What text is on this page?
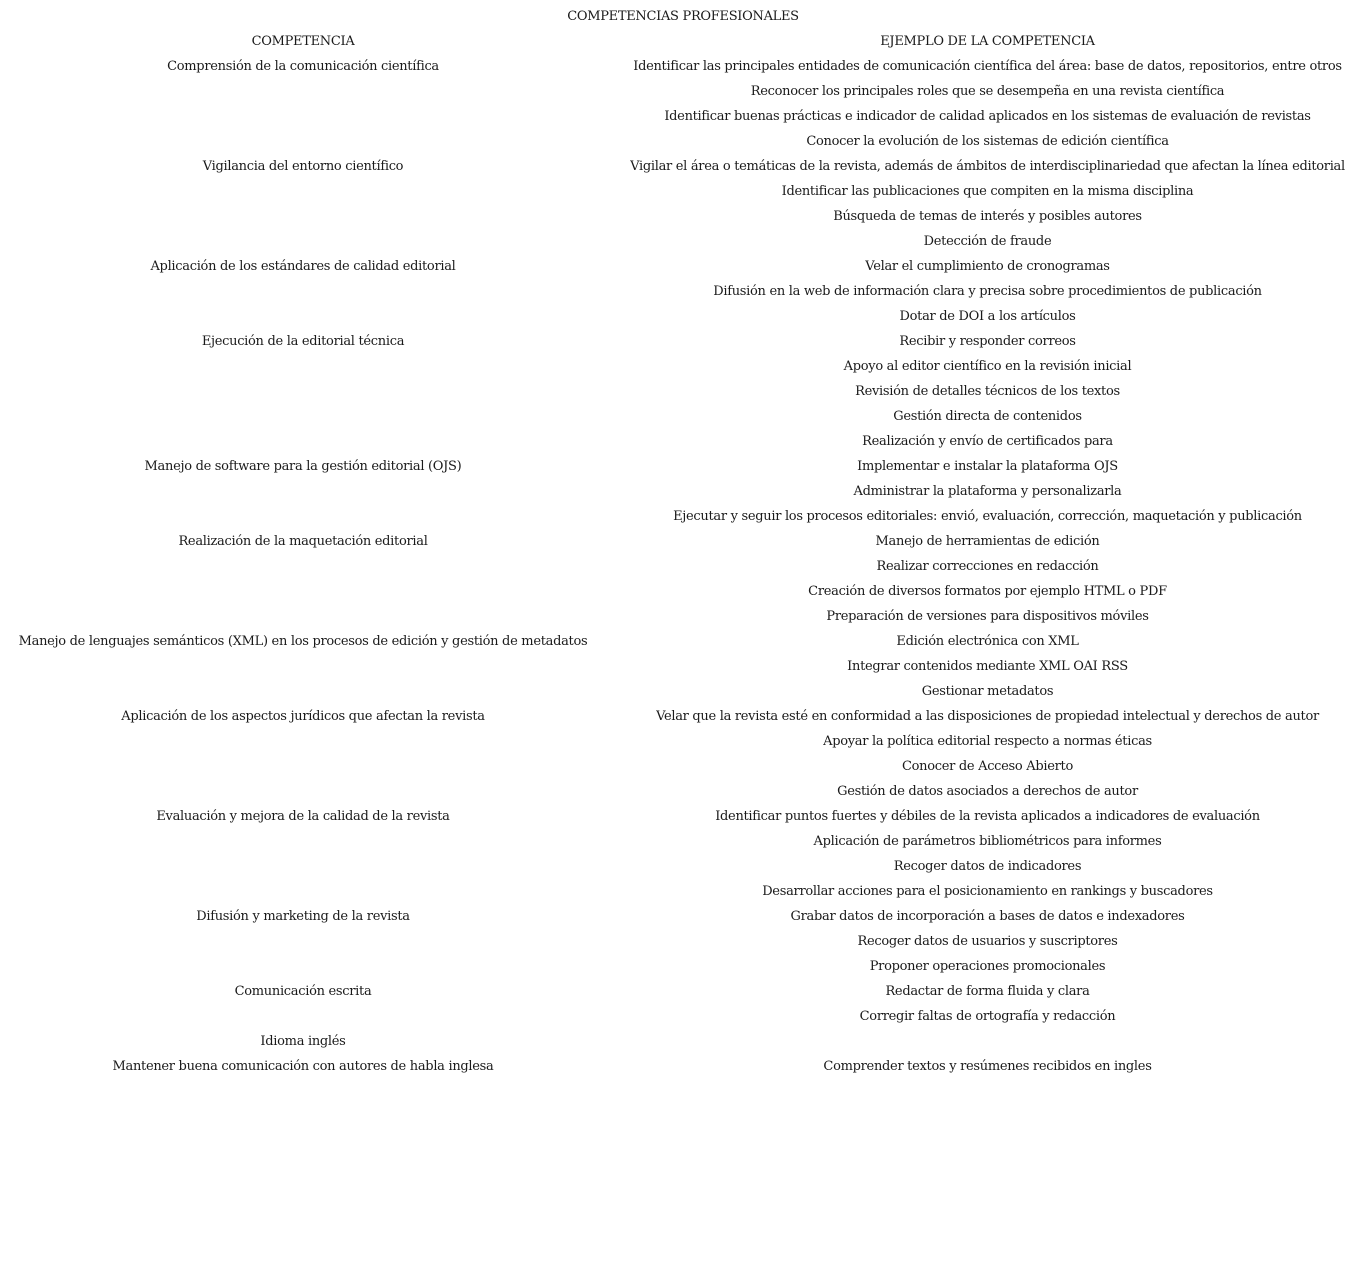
COMPETENCIAS PROFESIONALES
COMPETENCIA	EJEMPLO DE LA COMPETENCIA
Comprensión de la comunicación científica	Identificar las principales entidades de comunicación científica del área: base de datos, repositorios, entre otros
Reconocer los principales roles que se desempeña en una revista científica
Identificar buenas prácticas e indicador de calidad aplicados en los sistemas de evaluación de revistas
Conocer la evolución de los sistemas de edición científica
Vigilancia del entorno científico	Vigilar el área o temáticas de la revista, además de ámbitos de interdisciplinariedad que afectan la línea editorial
Identificar las publicaciones que compiten en la misma disciplina
Búsqueda de temas de interés y posibles autores
Detección de fraude
Aplicación de los estándares de calidad editorial	Velar el cumplimiento de cronogramas
Difusión en la web de información clara y precisa sobre procedimientos de publicación
Dotar de DOI a los artículos
Ejecución de la editorial técnica	Recibir y responder correos
Apoyo al editor científico en la revisión inicial
Revisión de detalles técnicos de los textos
Gestión directa de contenidos
Realización y envío de certificados para
Manejo de software para la gestión editorial (OJS)	Implementar e instalar la plataforma OJS
Administrar la plataforma y personalizarla
Ejecutar y seguir los procesos editoriales: envió, evaluación, corrección, maquetación y publicación
Realización de la maquetación editorial	Manejo de herramientas de edición
Realizar correcciones en redacción
Creación de diversos formatos por ejemplo HTML o PDF
Preparación de versiones para dispositivos móviles
Manejo de lenguajes semánticos (XML) en los procesos de edición y gestión de metadatos	Edición electrónica con XML
Integrar contenidos mediante XML OAI RSS
Gestionar metadatos
Aplicación de los aspectos jurídicos que afectan la revista	Velar que la revista esté en conformidad a las disposiciones de propiedad intelectual y derechos de autor
Apoyar la política editorial respecto a normas éticas
Conocer de Acceso Abierto
Gestión de datos asociados a derechos de autor
Evaluación y mejora de la calidad de la revista	Identificar puntos fuertes y débiles de la revista aplicados a indicadores de evaluación
Aplicación de parámetros bibliométricos para informes
Recoger datos de indicadores
Desarrollar acciones para el posicionamiento en rankings y buscadores
Difusión y marketing de la revista	Grabar datos de incorporación a bases de datos e indexadores
Recoger datos de usuarios y suscriptores
Proponer operaciones promocionales
Comunicación escrita	Redactar de forma fluida y clara
Corregir faltas de ortografía y redacción
Idioma inglés
Mantener buena comunicación con autores de habla inglesa	Comprender textos y resúmenes recibidos en ingles
